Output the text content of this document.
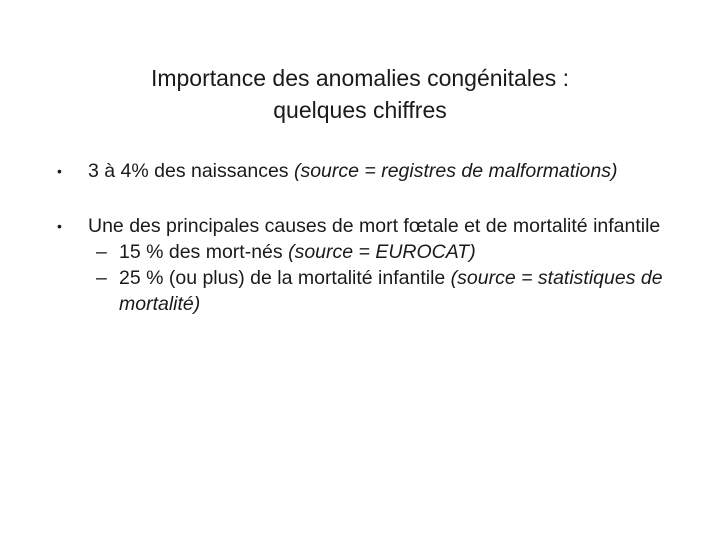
Importance des anomalies congénitales :
quelques chiffres
•	3 à 4% des naissances (source = registres de malformations)
•	Une des principales causes de mort fœtale et de mortalité infantile
– 15 % des mort-nés (source = EUROCAT)
– 25 % (ou plus) de la mortalité infantile (source = statistiques de mortalité)
